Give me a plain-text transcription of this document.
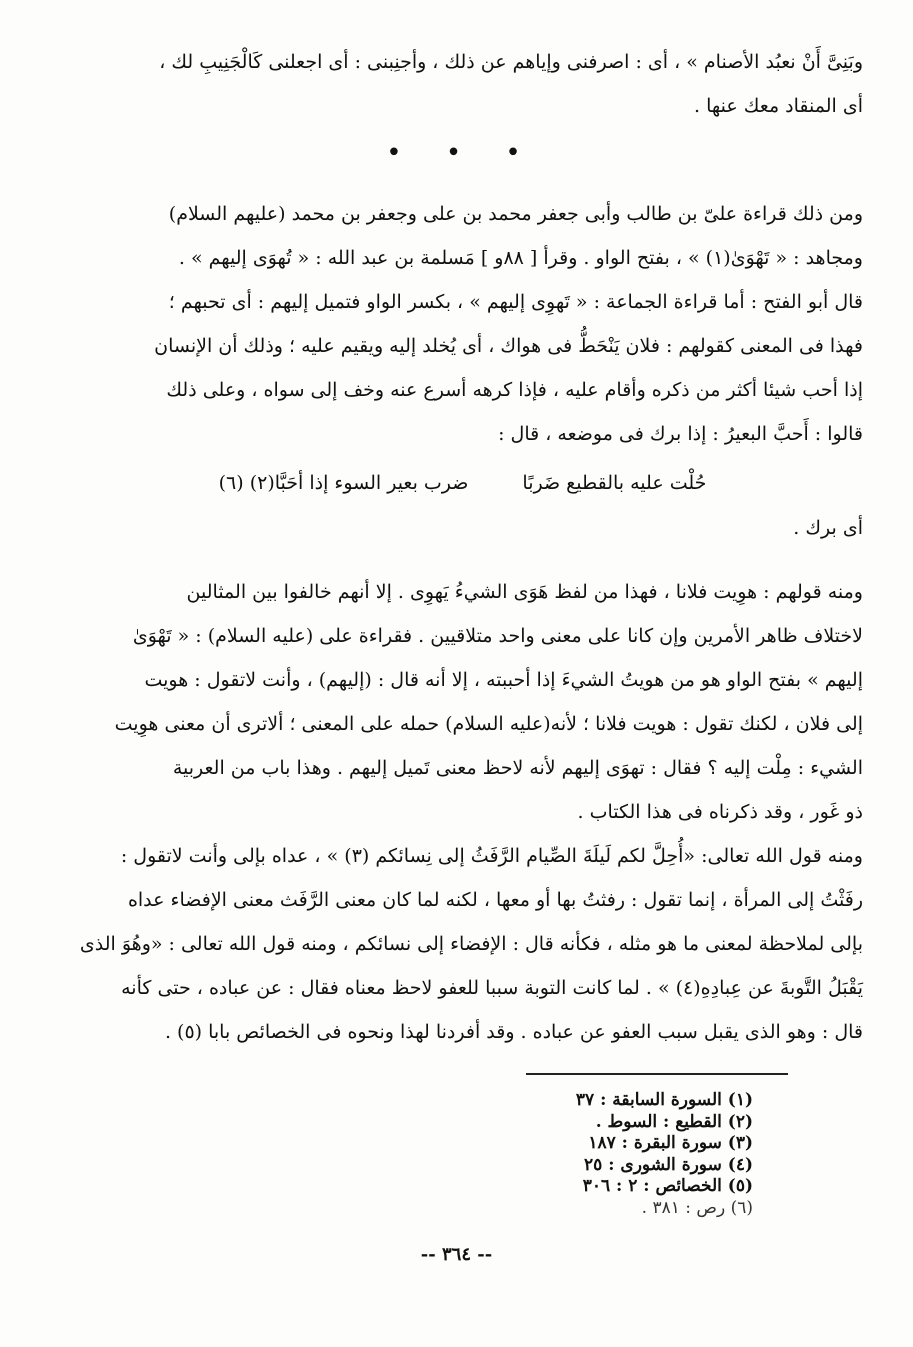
وبَنِىَّ أَنْ نعبُد الأصنام » ، أى : اصرفنى وإياهم عن ذلك ، وأجنِبنى : أى اجعلنى كَالْجَنِيبِ لك ،
أى المنقاد معك عنها .

• • •

ومن ذلك قراءة علىّ بن طالب وأبى جعفر محمد بن على وجعفر بن محمد (عليهم السلام)
ومجاهد : « تَهْوَىٰ(١) » ، بفتح الواو . وقرأ [ ٨٨و ] مَسلمة بن عبد الله : « تُهوَى إليهم » .

قال أبو الفتح : أما قراءة الجماعة : « تَهوِى إليهم » ، بكسر الواو فتميل إليهم : أى تحبهم ؛
فهذا فى المعنى كقولهم : فلان يَنْحَطُّ فى هواك ، أى يُخلد إليه ويقيم عليه ؛ وذلك أن الإنسان
إذا أحب شيئا أكثر من ذكره وأقام عليه ، فإذا كرهه أسرع عنه وخف إلى سواه ، وعلى ذلك
قالوا : أَحبَّ البعيرُ : إذا برك فى موضعه ، قال :

حُلْت عليه بالقطيع ضَربًا
ضرب بعير السوء إذا أحَبَّا(٢) (٦)

أى برك .

ومنه قولهم : هوِيت فلانا ، فهذا من لفظ هَوَى الشيءُ يَهوِى . إلا أنهم خالفوا بين المثالين
لاختلاف ظاهر الأمرين وإن كانا على معنى واحد متلاقيين . فقراءة على (عليه السلام) : « تَهْوَىٰ
إليهم » بفتح الواو هو من هويتُ الشيءَ إذا أحببته ، إلا أنه قال : (إليهم) ، وأنت لاتقول : هويت
إلى فلان ، لكنك تقول : هويت فلانا ؛ لأنه(عليه السلام) حمله على المعنى ؛ ألاترى أن معنى هوِيت
الشيء : مِلْت إليه ؟ فقال : تهوَى إليهم لأنه لاحظ معنى تَميل إليهم . وهذا باب من العربية
ذو غَور ، وقد ذكرناه فى هذا الكتاب .

ومنه قول الله تعالى: «أُحِلَّ لكم لَيلَةَ الصِّيام الرَّفَثُ إلى نِسائكم (٣) » ، عداه بإلى وأنت لاتقول :
رفَثْتُ إلى المرأة ، إنما تقول : رفثتُ بها أو معها ، لكنه لما كان معنى الرَّفَث معنى الإفضاء عداه
بإلى لملاحظة لمعنى ما هو مثله ، فكأنه قال : الإفضاء إلى نسائكم ، ومنه قول الله تعالى : «وهُوَ الذى
يَقْبَلُ التَّوبةَ عن عِبادِهِ(٤) » . لما كانت التوبة سببا للعفو لاحظ معناه فقال : عن عباده ، حتى كأنه
قال : وهو الذى يقبل سبب العفو عن عباده . وقد أفردنا لهذا ونحوه فى الخصائص بابا (٥) .

(١) السورة السابقة : ٣٧
(٢) القطيع : السوط .
(٣) سورة البقرة : ١٨٧
(٤) سورة الشورى : ٢٥
(٥) الخصائص : ٢ : ٣٠٦
(٦) رص : ٣٨١ .
-- ٣٦٤ --
